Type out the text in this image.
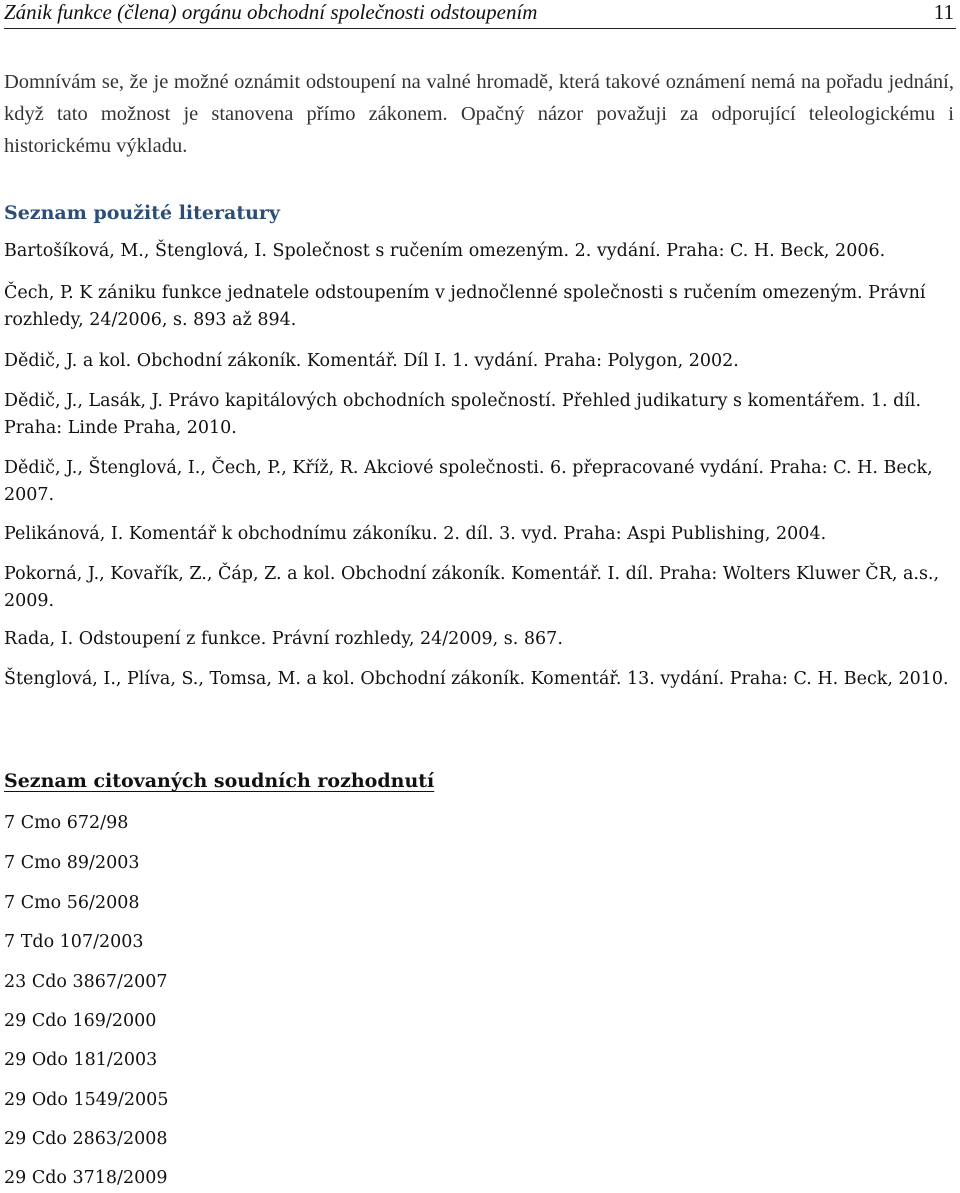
Zánik funkce (člena) orgánu obchodní společnosti odstoupením	11

Domnívám se, že je možné oznámit odstoupení na valné hromadě, která takové oznámení nemá na pořadu jednání, když tato možnost je stanovena přímo zákonem. Opačný názor považuji za odporující teleologickému i historickému výkladu.

Seznam použité literatury

Bartošíková, M., Štenglová, I. Společnost s ručením omezeným. 2. vydání. Praha: C. H. Beck, 2006.

Čech, P. K zániku funkce jednatele odstoupením v jednočlenné společnosti s ručením omezeným. Právní rozhledy, 24/2006, s. 893 až 894.

Dědič, J. a kol. Obchodní zákoník. Komentář. Díl I. 1. vydání. Praha: Polygon, 2002.

Dědič, J., Lasák, J. Právo kapitálových obchodních společností. Přehled judikatury s komentářem. 1. díl. Praha: Linde Praha, 2010.

Dědič, J., Štenglová, I., Čech, P., Kříž, R. Akciové společnosti. 6. přepracované vydání. Praha: C. H. Beck, 2007.

Pelikánová, I. Komentář k obchodnímu zákoníku. 2. díl. 3. vyd. Praha: Aspi Publishing, 2004.

Pokorná, J., Kovařík, Z., Čáp, Z. a kol. Obchodní zákoník. Komentář. I. díl. Praha: Wolters Kluwer ČR, a.s., 2009.

Rada, I. Odstoupení z funkce. Právní rozhledy, 24/2009, s. 867.

Štenglová, I., Plíva, S., Tomsa, M. a kol. Obchodní zákoník. Komentář. 13. vydání. Praha: C. H. Beck, 2010.

Seznam citovaných soudních rozhodnutí

7 Cmo 672/98

7 Cmo 89/2003

7 Cmo 56/2008

7 Tdo 107/2003

23 Cdo 3867/2007

29 Cdo 169/2000

29 Odo 181/2003

29 Odo 1549/2005

29 Cdo 2863/2008

29 Cdo 3718/2009
